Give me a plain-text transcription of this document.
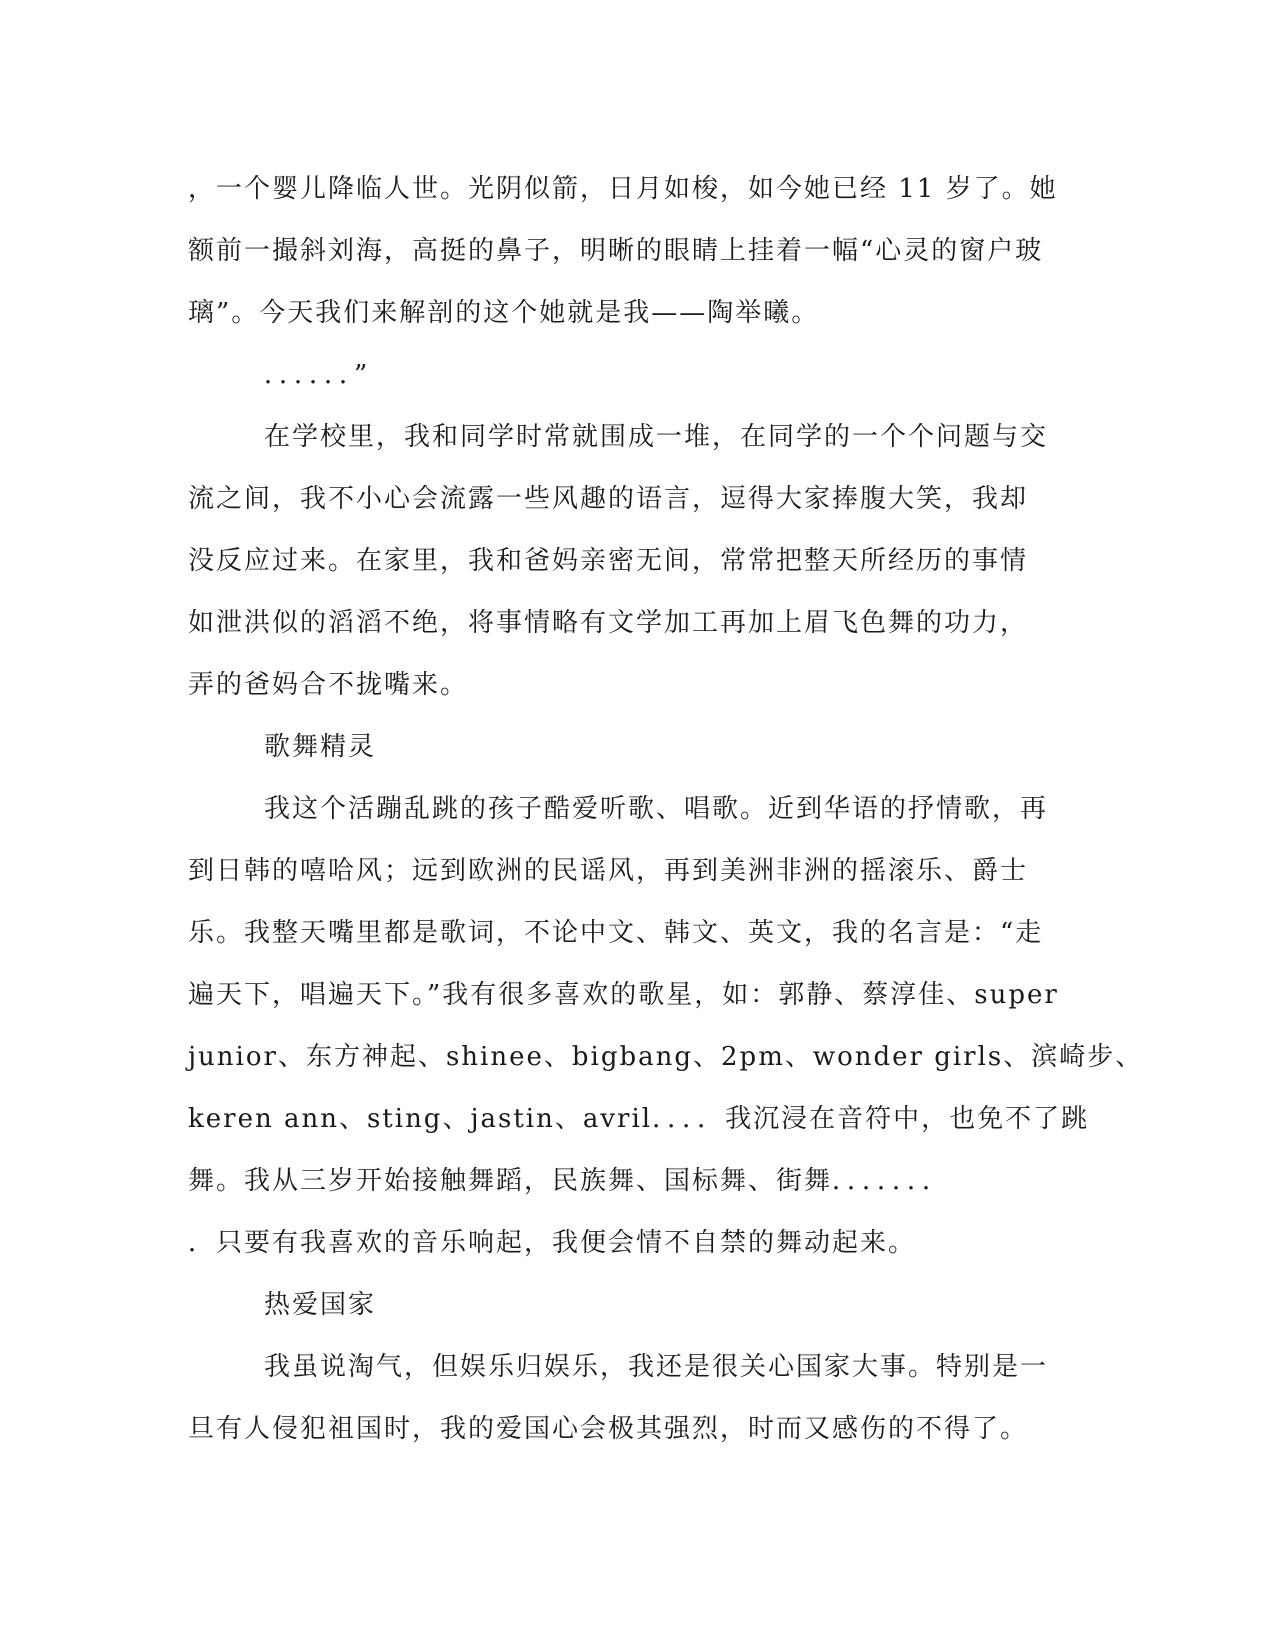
，一个婴儿降临人世。光阴似箭，日月如梭，如今她已经 11 岁了。她
额前一撮斜刘海，高挺的鼻子，明晰的眼睛上挂着一幅“心灵的窗户玻
璃”。今天我们来解剖的这个她就是我——陶举曦。
．．．．．．”
在学校里，我和同学时常就围成一堆，在同学的一个个问题与交
流之间，我不小心会流露一些风趣的语言，逗得大家捧腹大笑，我却
没反应过来。在家里，我和爸妈亲密无间，常常把整天所经历的事情
如泄洪似的滔滔不绝，将事情略有文学加工再加上眉飞色舞的功力，
弄的爸妈合不拢嘴来。
歌舞精灵
我这个活蹦乱跳的孩子酷爱听歌、唱歌。近到华语的抒情歌，再
到日韩的嘻哈风；远到欧洲的民谣风，再到美洲非洲的摇滚乐、爵士
乐。我整天嘴里都是歌词，不论中文、韩文、英文，我的名言是：“走
遍天下，唱遍天下。”我有很多喜欢的歌星，如：郭静、蔡淳佳、super
junior、东方神起、shinee、bigbang、2pm、wonder girls、滨崎步、
keren ann、sting、jastin、avril．．．．我沉浸在音符中，也免不了跳
舞。我从三岁开始接触舞蹈，民族舞、国标舞、街舞．．．．．．．
．只要有我喜欢的音乐响起，我便会情不自禁的舞动起来。
热爱国家
我虽说淘气，但娱乐归娱乐，我还是很关心国家大事。特别是一
旦有人侵犯祖国时，我的爱国心会极其强烈，时而又感伤的不得了。
